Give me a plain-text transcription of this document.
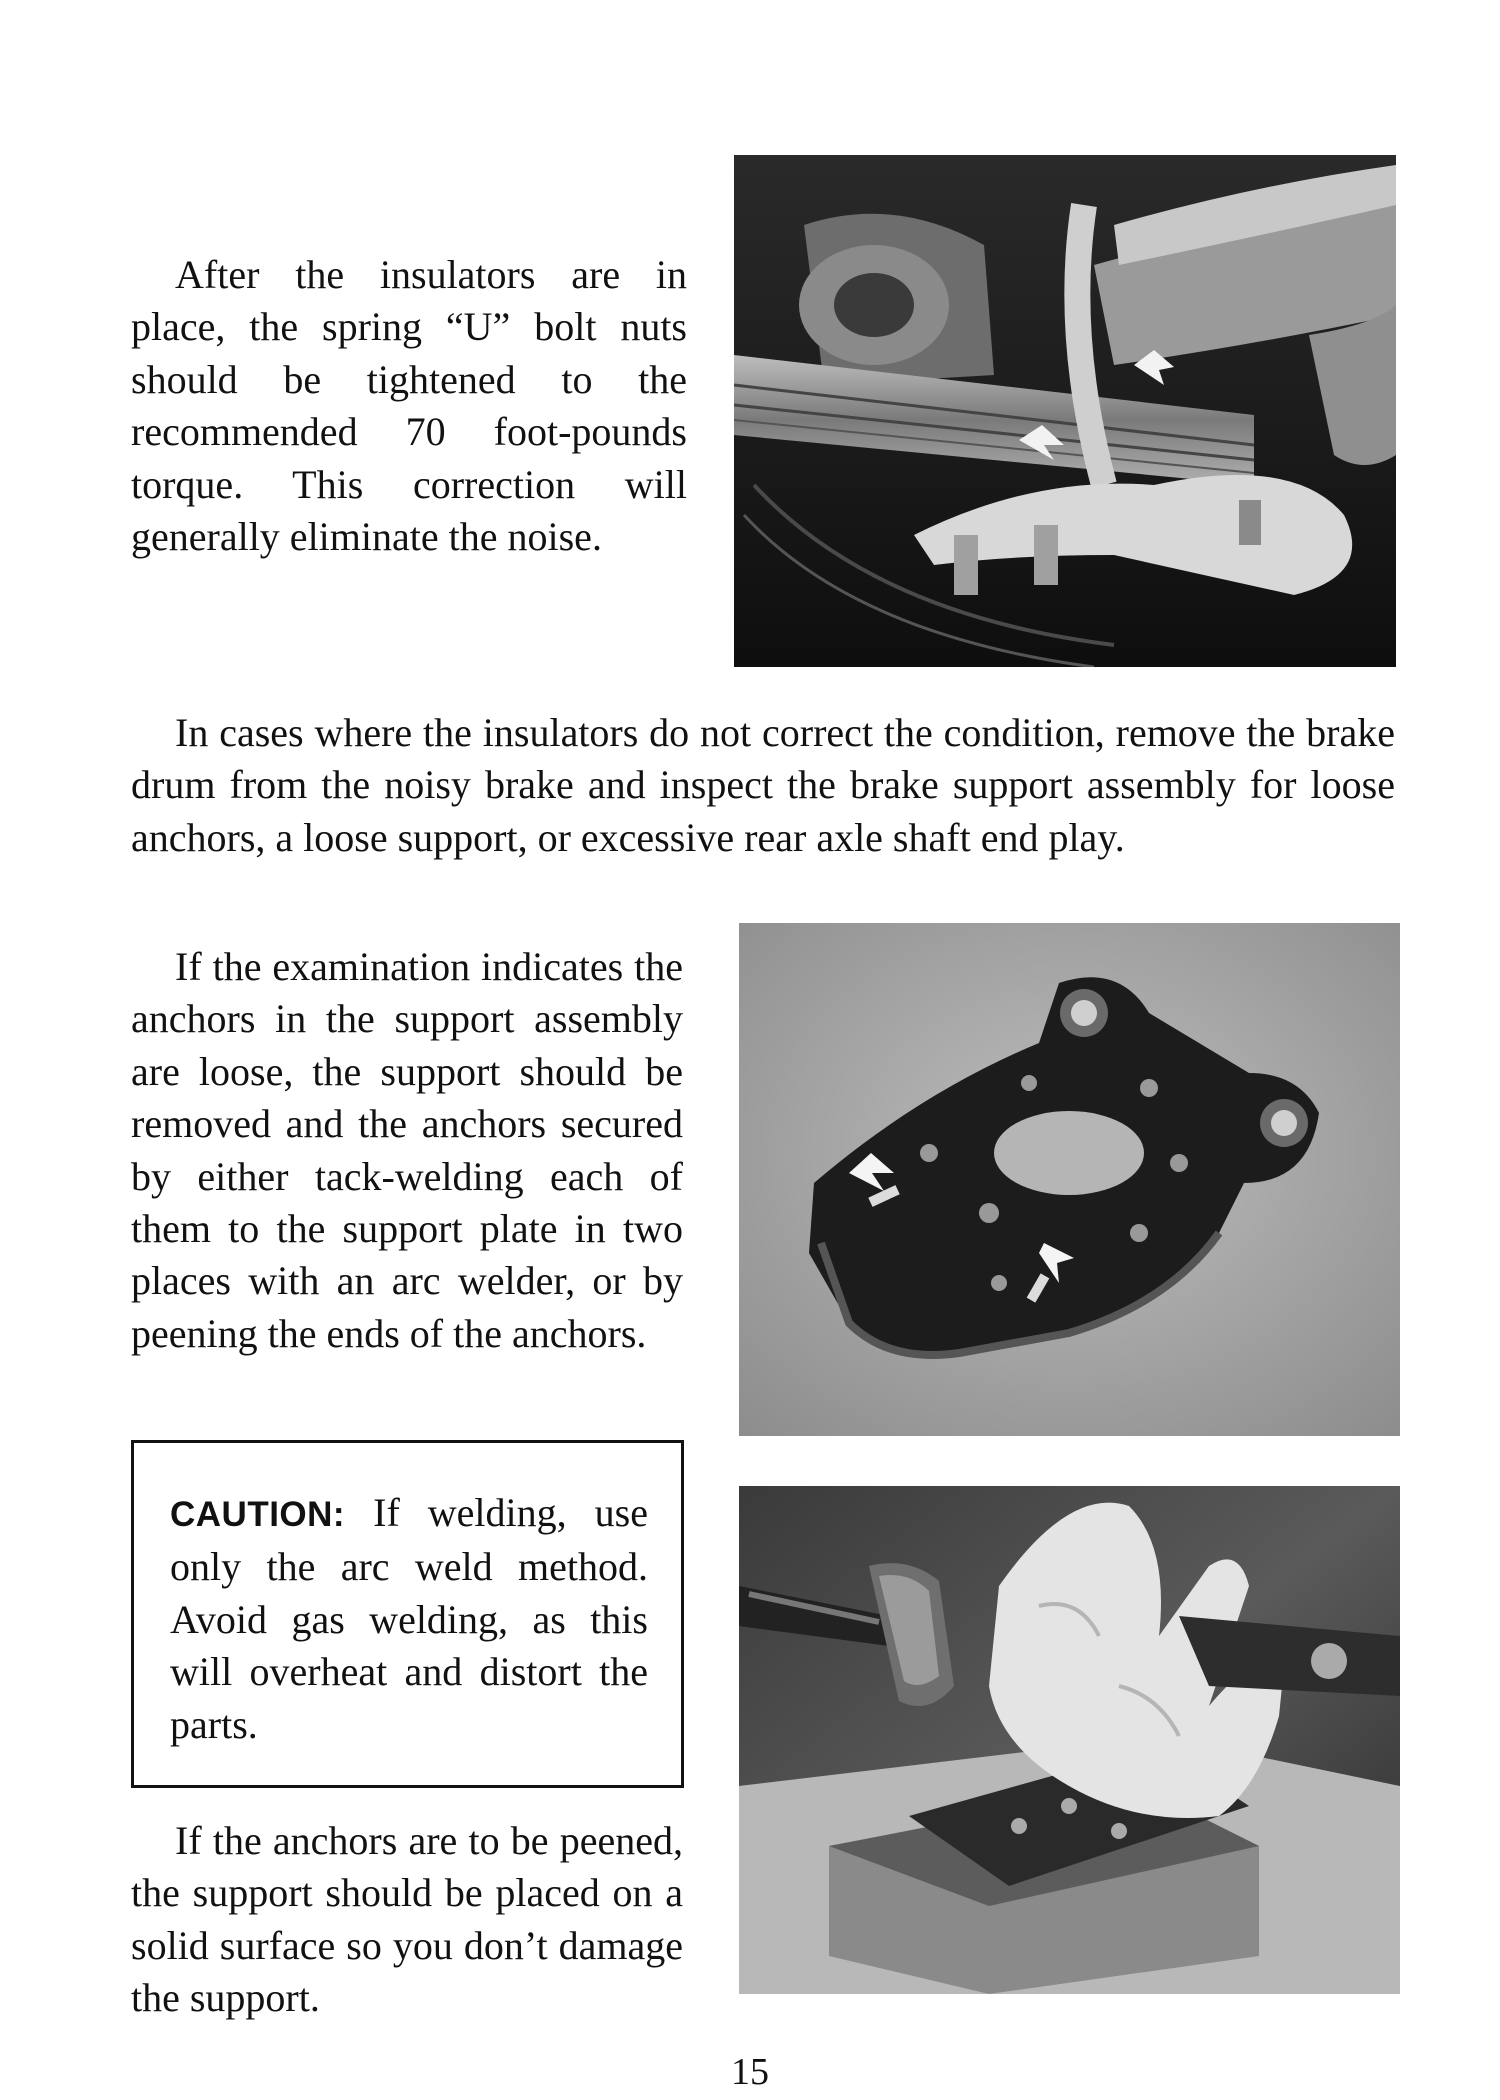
After the insulators are in place, the spring “U” bolt nuts should be tightened to the recommended 70 foot-pounds torque. This correction will generally eliminate the noise.

In cases where the insulators do not correct the condition, remove the brake drum from the noisy brake and inspect the brake support assembly for loose anchors, a loose support, or excessive rear axle shaft end play.

If the examination indicates the anchors in the support assembly are loose, the support should be removed and the anchors secured by either tack-welding each of them to the support plate in two places with an arc welder, or by peening the ends of the anchors.

CAUTION: If welding, use only the arc weld method. Avoid gas welding, as this will overheat and distort the parts.

If the anchors are to be peened, the support should be placed on a solid surface so you don’t damage the support.

15
